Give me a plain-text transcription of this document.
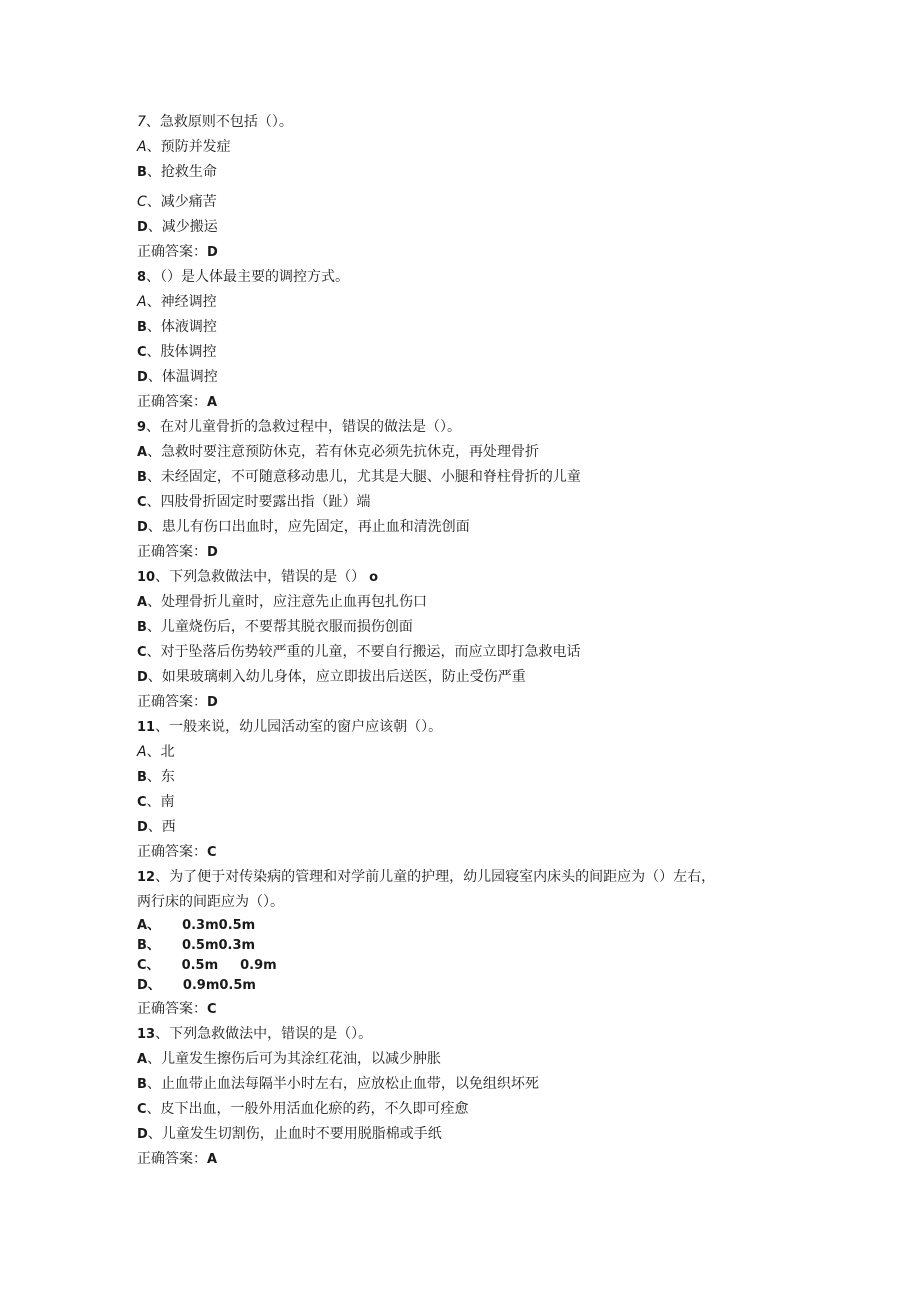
7、急救原则不包括（）。
A、预防并发症
B、抢救生命
C、减少痛苦
D、减少搬运
正确答案：D
8、（）是人体最主要的调控方式。
A、神经调控
B、体液调控
C、肢体调控
D、体温调控
正确答案：A
9、在对儿童骨折的急救过程中，错误的做法是（）。
A、急救时要注意预防休克，若有休克必须先抗休克，再处理骨折
B、未经固定，不可随意移动患儿，尤其是大腿、小腿和脊柱骨折的儿童
C、四肢骨折固定时要露出指（趾）端
D、患儿有伤口出血时，应先固定，再止血和清洗创面
正确答案：D
10、下列急救做法中，错误的是（） o
A、处理骨折儿童时，应注意先止血再包扎伤口
B、儿童烧伤后，不要帮其脱衣服而损伤创面
C、对于坠落后伤势较严重的儿童，不要自行搬运，而应立即打急救电话
D、如果玻璃刺入幼儿身体，应立即拔出后送医，防止受伤严重
正确答案：D
11、一般来说，幼儿园活动室的窗户应该朝（）。
A、北
B、东
C、南
D、西
正确答案：C
12、为了便于对传染病的管理和对学前儿童的护理，幼儿园寝室内床头的间距应为（）左右，
两行床的间距应为（）。
A、 0.3m0.5m
B、 0.5m0.3m
C、 0.5m 0.9m
D、 0.9m0.5m
正确答案：C
13、下列急救做法中，错误的是（）。
A、儿童发生擦伤后可为其涂红花油，以减少肿胀
B、止血带止血法每隔半小时左右，应放松止血带，以免组织坏死
C、皮下出血，一般外用活血化瘀的药，不久即可痊愈
D、儿童发生切割伤，止血时不要用脱脂棉或手纸
正确答案：A
